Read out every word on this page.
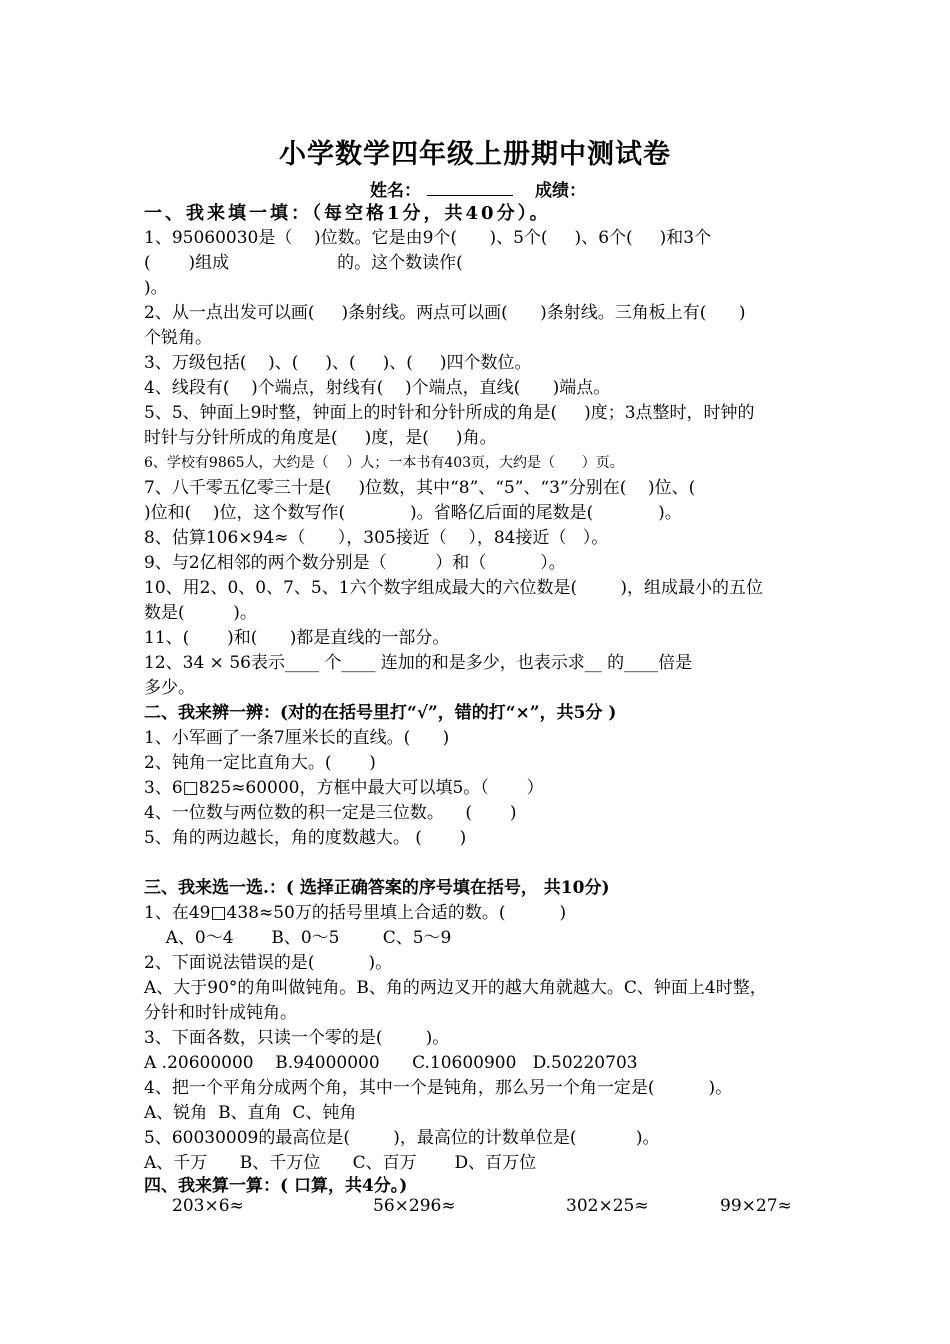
小学数学四年级上册期中测试卷
姓名：	成绩：
一、我来填一填：（每空格1分，共40分）。
1、95060030是（    )位数。它是由9个(      )、5个(     )、6个(     )和3个
(       )组成                    的。这个数读作(
)。
2、从一点出发可以画(     )条射线。两点可以画(      )条射线。三角板上有(      )
个锐角。
3、万级包括(    )、(     )、(     )、(     )四个数位。
4、线段有(    )个端点，射线有(    )个端点，直线(      )端点。
5、5、钟面上9时整，钟面上的时针和分针所成的角是(     )度；3点整时，时钟的
时针与分针所成的角度是(     )度，是(     )角。
6、学校有9865人，大约是（    ）人；一本书有403页，大约是（      ）页。
7、八千零五亿零三十是(     )位数，其中“8”、“5”、“3”分别在(    )位、(
)位和(    )位，这个数写作(            )。省略亿后面的尾数是(            )。
8、估算106×94≈（      ），305接近（    ），84接近（   ）。
9、与2亿相邻的两个数分别是（         ）和（          ）。
10、用2、0、0、7、5、1六个数字组成最大的六位数是(        )，组成最小的五位
数是(         )。
11、(       )和(      )都是直线的一部分。
12、34 × 56表示____ 个____ 连加的和是多少，也表示求__ 的____倍是
多少。
二、我来辨一辨：(对的在括号里打“√”，错的打“×”，共5分 )
1、小军画了一条7厘米长的直线。(      )
2、钝角一定比直角大。(       )
3、6□825≈60000，方框中最大可以填5。（       ）
4、一位数与两位数的积一定是三位数。    (       )
5、角的两边越长，角的度数越大。 (       )
三、我来选一选.：( 选择正确答案的序号填在括号， 共10分)
1、在49□438≈50万的括号里填上合适的数。(          )
A、0～4       B、0～5        C、5～9
2、下面说法错误的是(          )。
A、大于90°的角叫做钝角。B、角的两边叉开的越大角就越大。C、钟面上4时整，
分针和时针成钝角。
3、下面各数，只读一个零的是(        )。
A .20600000    B.94000000      C.10600900   D.50220703
4、把一个平角分成两个角，其中一个是钝角，那么另一个角一定是(          )。
A、锐角  B、直角  C、钝角
5、60030009的最高位是(        )，最高位的计数单位是(           )。
A、千万      B、千万位      C、百万       D、百万位
四、我来算一算：( 口算，共4分。)
203×6≈	56×296≈	302×25≈	99×27≈
